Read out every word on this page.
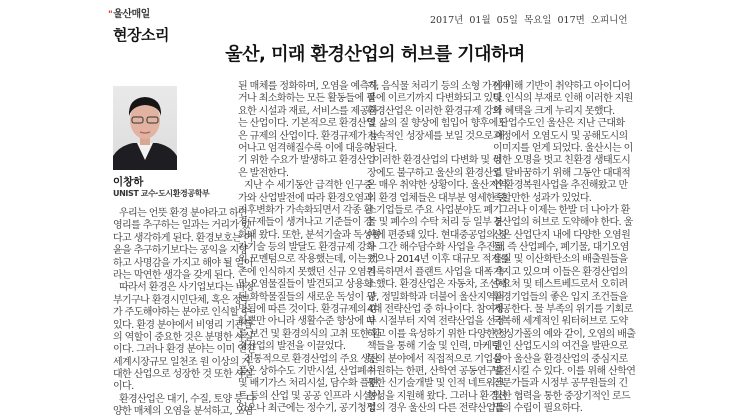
"울산매일
2017년 01월 05일 목요일 017면 오피니언
현장소리
울산, 미래 환경산업의 허브를 기대하며
이창하
UNIST 교수·도시환경공학부
우리는 언뜻 환경 분야라고 하면
영리를 추구하는 일과는 거리가 있
다고 생각하게 된다. 환경보호는 이
윤을 추구하기보다는 공익을 지향
하고 사명감을 가지고 해야 될 일이
라는 막연한 생각을 갖게 된다.
따라서 환경은 사기업보다는 비정
부기구나 환경시민단체, 혹은 정부
가 주도해야하는 분야로 인식할 수
있다. 환경 분야에서 비영리 기관들
의 역할이 중요한 것은 분명한 사실
이다. 그러나 환경 분야는 이미 연간
세계시장규모 일천조 원 이상의 거
대한 산업으로 성장한 것 또한 사실
이다.
환경산업은 대기, 수질, 토양 등 다
양한 매체의 오염을 분석하고, 오염
된 매체를 정화하며, 오염을 예측하
거나 최소화하는 모든 활동들에 필
요한 시설과 재료, 서비스를 제공하
는 산업이다. 기본적으로 환경산업
은 규제의 산업이다. 환경규제가 늘
어나고 엄격해질수록 이에 대응하
기 위한 수요가 발생하고 환경산업
은 발전한다.
지난 수 세기동안 급격한 인구증
가와 산업발전에 따라 환경오염과
기후변화가 가속화되면서 각종 환
경규제들이 생겨나고 기준들이 강
화돼 왔다. 또한, 분석기술과 독성평
가기술 등의 발달도 환경규제 강화
의 모멘텀으로 작용했는데, 이는 기
존에 인식하지 못했던 신규 오염원
및 오염물질들이 발견되고 상용화
된 화학물질들의 새로운 독성이 규
명됨에 따른 것이다. 환경규제의 강
화뿐만 아니라 생활수준 향상에 따
른 보건 및 환경의식의 고취 또한 환
경산업의 발전을 이끌었다.
전통적으로 환경산업의 주요 생산
품은 상하수도 기반시설, 산업폐수
및 배기가스 처리시설, 담수화 플랜
트 등의 산업 및 공공 인프라 시설이
었으나 최근에는 정수기, 공기청정
기, 음식물 처리기 등의 소형 가전제
품에 이르기까지 다변화되고 있다.
환경산업은 이러한 환경규제 강화
및 삶의 질 향상에 힘입어 향후에도
지속적인 성장세를 보일 것으로 예
상된다.
이러한 환경산업의 다변화 및 성
장에도 불구하고 울산의 환경산업
은 매우 취약한 상황이다. 울산지역
의 환경 업체들은 대부분 영세한 중
소기업들로 주요 사업분야도 폐기
물 및 폐수의 수탁 처리 등 일부 분
야에 편중돼 있다. 현대중공업의 경
우 그간 해수담수화 사업을 추진해
왔으나 2014년 이후 대규모 적자를
기록하면서 플랜트 사업을 대폭 축
소했다. 환경산업은 자동차, 조선해
양, 정밀화학과 더불어 울산지역의
4대 전략산업 중 하나이다. 참여정
부 시절부터 지역 전략산업을 선정
하고 이를 육성하기 위한 다양한 정
책들을 통해 기술 및 인력, 마케팅
등의 분야에서 직접적으로 기업을
지원하는 한편, 산학연 공동연구를
통한 신기술개발 및 인적 네트워크
형성을 지원해 왔다. 그러나 환경산
업의 경우 울산의 다른 전략산업들
에 비해 기반이 취약하고 아이디어
및 인식의 부재로 인해 이러한 지원
의 혜택을 크게 누리지 못했다.
산업수도인 울산은 지난 근대화
과정에서 오염도시 및 공해도시의
이미지를 얻게 되었다. 울산시는 이
러한 오명을 벗고 친환경 생태도시
로 탈바꿈하기 위해 그동안 대대적
인 환경복원사업을 추진해왔고 만
족할만한 성과가 있었다.
그러나 이제는 한발 더 나아가 환
경산업의 허브로 도약해야 한다. 울
산은 산업단지 내에 다양한 오염원
들, 즉 산업폐수, 폐기물, 대기오염
물질 및 이산화탄소의 배출원들을
가지고 있으며 이들은 환경산업의
수요처 및 테스트베드로서 오히려
환경기업들의 좋은 입지 조건들을
제공한다. 물 부족의 위기를 기회로
극복해 세계적인 워터허브로 도약
한 싱가폴의 예와 같이, 오염의 배출
원인 산업도시의 여건을 발판으로
삼아 울산을 환경산업의 중심지로
발전시킬 수 있다. 이를 위해 산학연
전문가들과 시정부 공무원들의 긴
밀한 협력을 통한 중장기적인 로드
맵의 수립이 필요하다.
